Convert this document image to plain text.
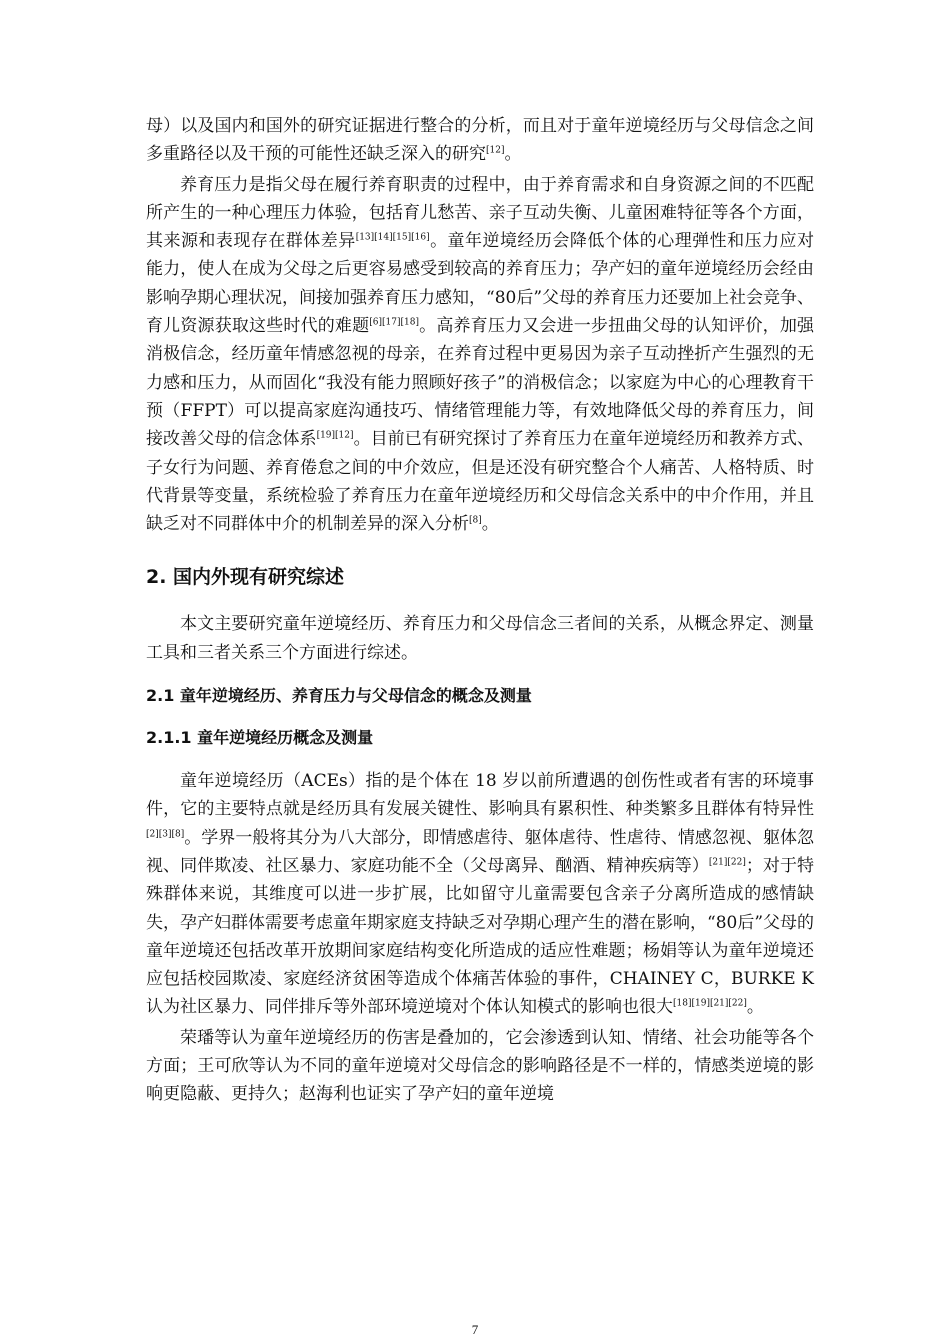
母）以及国内和国外的研究证据进行整合的分析，而且对于童年逆境经历与父母信念之间多重路径以及干预的可能性还缺乏深入的研究[12]。

养育压力是指父母在履行养育职责的过程中，由于养育需求和自身资源之间的不匹配所产生的一种心理压力体验，包括育儿愁苦、亲子互动失衡、儿童困难特征等各个方面，其来源和表现存在群体差异[13][14][15][16]。童年逆境经历会降低个体的心理弹性和压力应对能力，使人在成为父母之后更容易感受到较高的养育压力；孕产妇的童年逆境经历会经由影响孕期心理状况，间接加强养育压力感知，“80后”父母的养育压力还要加上社会竞争、育儿资源获取这些时代的难题[6][17][18]。高养育压力又会进一步扭曲父母的认知评价，加强消极信念，经历童年情感忽视的母亲，在养育过程中更易因为亲子互动挫折产生强烈的无力感和压力，从而固化“我没有能力照顾好孩子”的消极信念；以家庭为中心的心理教育干预（FFPT）可以提高家庭沟通技巧、情绪管理能力等，有效地降低父母的养育压力，间接改善父母的信念体系[19][12]。目前已有研究探讨了养育压力在童年逆境经历和教养方式、子女行为问题、养育倦怠之间的中介效应，但是还没有研究整合个人痛苦、人格特质、时代背景等变量，系统检验了养育压力在童年逆境经历和父母信念关系中的中介作用，并且缺乏对不同群体中介的机制差异的深入分析[8]。

2. 国内外现有研究综述

本文主要研究童年逆境经历、养育压力和父母信念三者间的关系，从概念界定、测量工具和三者关系三个方面进行综述。

2.1 童年逆境经历、养育压力与父母信念的概念及测量
2.1.1 童年逆境经历概念及测量

童年逆境经历（ACEs）指的是个体在 18 岁以前所遭遇的创伤性或者有害的环境事件，它的主要特点就是经历具有发展关键性、影响具有累积性、种类繁多且群体有特异性[2][3][8]。学界一般将其分为八大部分，即情感虐待、躯体虐待、性虐待、情感忽视、躯体忽视、同伴欺凌、社区暴力、家庭功能不全（父母离异、酗酒、精神疾病等）[21][22]；对于特殊群体来说，其维度可以进一步扩展，比如留守儿童需要包含亲子分离所造成的感情缺失，孕产妇群体需要考虑童年期家庭支持缺乏对孕期心理产生的潜在影响，“80后”父母的童年逆境还包括改革开放期间家庭结构变化所造成的适应性难题；杨娟等认为童年逆境还应包括校园欺凌、家庭经济贫困等造成个体痛苦体验的事件，CHAINEY C，BURKE K 认为社区暴力、同伴排斥等外部环境逆境对个体认知模式的影响也很大[18][19][21][22]。

荣璠等认为童年逆境经历的伤害是叠加的，它会渗透到认知、情绪、社会功能等各个方面；王可欣等认为不同的童年逆境对父母信念的影响路径是不一样的，情感类逆境的影响更隐蔽、更持久；赵海利也证实了孕产妇的童年逆境

7
